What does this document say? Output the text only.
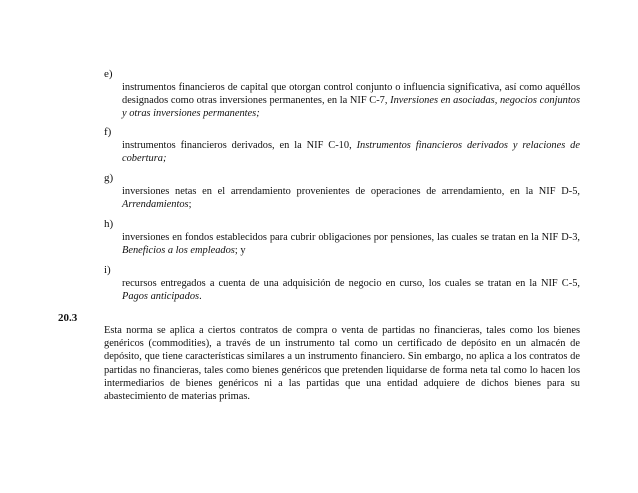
e)
instrumentos financieros de capital que otorgan control conjunto o influencia significativa, así como aquéllos designados como otras inversiones permanentes, en la NIF C-7, Inversiones en asociadas, negocios conjuntos y otras inversiones permanentes;
f)
instrumentos financieros derivados, en la NIF C-10, Instrumentos financieros derivados y relaciones de cobertura;
g)
inversiones netas en el arrendamiento provenientes de operaciones de arrendamiento, en la NIF D-5, Arrendamientos;
h)
inversiones en fondos establecidos para cubrir obligaciones por pensiones, las cuales se tratan en la NIF D-3, Beneficios a los empleados; y
i)
recursos entregados a cuenta de una adquisición de negocio en curso, los cuales se tratan en la NIF C-5, Pagos anticipados.
20.3
Esta norma se aplica a ciertos contratos de compra o venta de partidas no financieras, tales como los bienes genéricos (commodities), a través de un instrumento tal como un certificado de depósito en un almacén de depósito, que tiene características similares a un instrumento financiero. Sin embargo, no aplica a los contratos de partidas no financieras, tales como bienes genéricos que pretenden liquidarse de forma neta tal como lo hacen los intermediarios de bienes genéricos ni a las partidas que una entidad adquiere de dichos bienes para su abastecimiento de materias primas.
